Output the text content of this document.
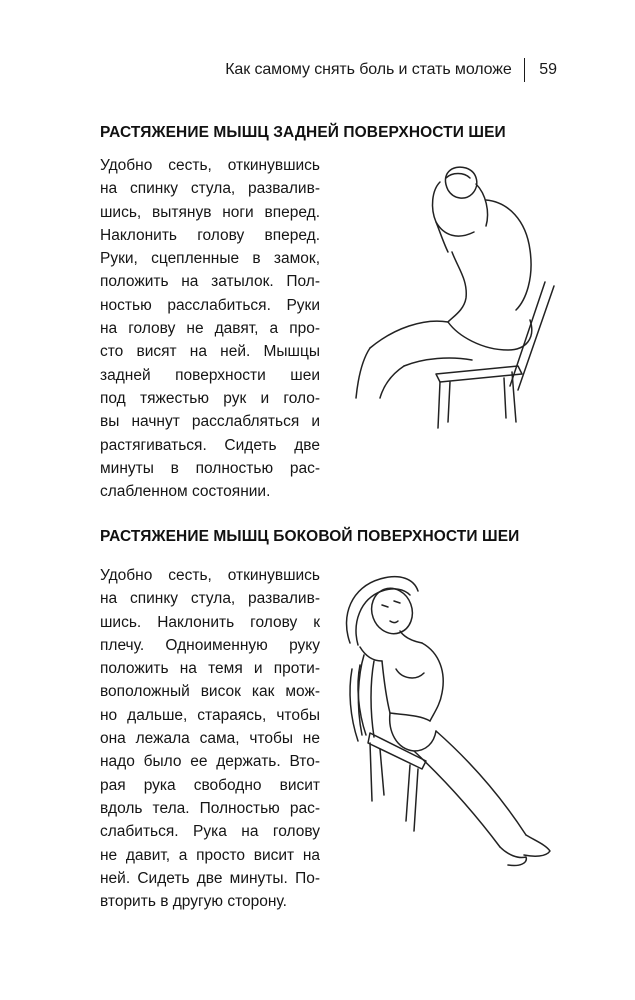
Как самому снять боль и стать моложе 59
РАСТЯЖЕНИЕ МЫШЦ ЗАДНЕЙ ПОВЕРХНОСТИ ШЕИ
Удобно сесть, откинувшись
на спинку стула, развалив-
шись, вытянув ноги вперед.
Наклонить голову вперед.
Руки, сцепленные в замок,
положить на затылок. Пол-
ностью расслабиться. Руки
на голову не давят, а про-
сто висят на ней. Мышцы
задней поверхности шеи
под тяжестью рук и голо-
вы начнут расслабляться и
растягиваться. Сидеть две
минуты в полностью рас-
слабленном состоянии.
РАСТЯЖЕНИЕ МЫШЦ БОКОВОЙ ПОВЕРХНОСТИ ШЕИ
Удобно сесть, откинувшись
на спинку стула, развалив-
шись. Наклонить голову к
плечу. Одноименную руку
положить на темя и проти-
воположный висок как мож-
но дальше, стараясь, чтобы
она лежала сама, чтобы не
надо было ее держать. Вто-
рая рука свободно висит
вдоль тела. Полностью рас-
слабиться. Рука на голову
не давит, а просто висит на
ней. Сидеть две минуты. По-
вторить в другую сторону.
